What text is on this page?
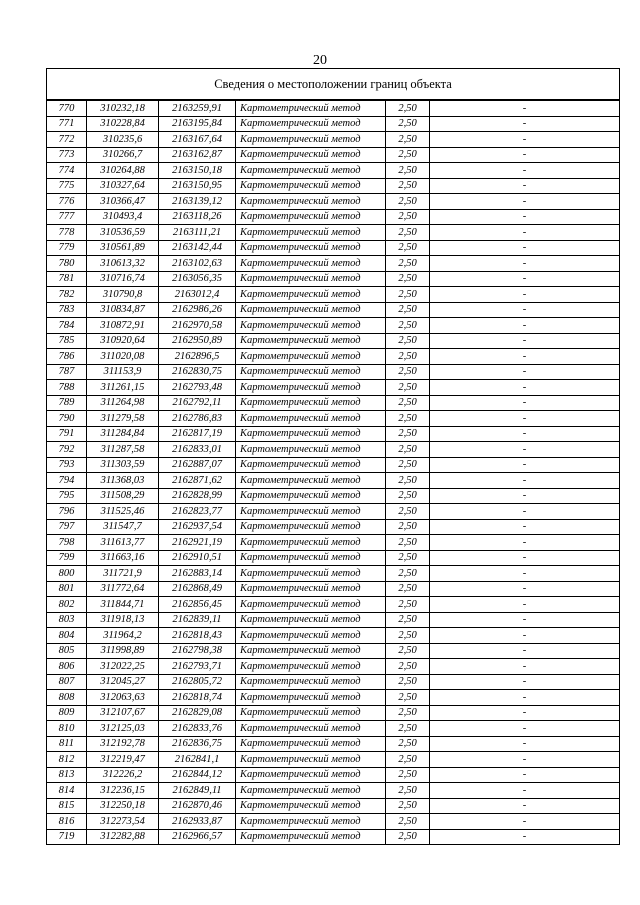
20
Сведения о местоположении границ объекта					
770	310232,18	2163259,91	Картометрический метод	2,50	-
771	310228,84	2163195,84	Картометрический метод	2,50	-
772	310235,6	2163167,64	Картометрический метод	2,50	-
773	310266,7	2163162,87	Картометрический метод	2,50	-
774	310264,88	2163150,18	Картометрический метод	2,50	-
775	310327,64	2163150,95	Картометрический метод	2,50	-
776	310366,47	2163139,12	Картометрический метод	2,50	-
777	310493,4	2163118,26	Картометрический метод	2,50	-
778	310536,59	2163111,21	Картометрический метод	2,50	-
779	310561,89	2163142,44	Картометрический метод	2,50	-
780	310613,32	2163102,63	Картометрический метод	2,50	-
781	310716,74	2163056,35	Картометрический метод	2,50	-
782	310790,8	2163012,4	Картометрический метод	2,50	-
783	310834,87	2162986,26	Картометрический метод	2,50	-
784	310872,91	2162970,58	Картометрический метод	2,50	-
785	310920,64	2162950,89	Картометрический метод	2,50	-
786	311020,08	2162896,5	Картометрический метод	2,50	-
787	311153,9	2162830,75	Картометрический метод	2,50	-
788	311261,15	2162793,48	Картометрический метод	2,50	-
789	311264,98	2162792,11	Картометрический метод	2,50	-
790	311279,58	2162786,83	Картометрический метод	2,50	-
791	311284,84	2162817,19	Картометрический метод	2,50	-
792	311287,58	2162833,01	Картометрический метод	2,50	-
793	311303,59	2162887,07	Картометрический метод	2,50	-
794	311368,03	2162871,62	Картометрический метод	2,50	-
795	311508,29	2162828,99	Картометрический метод	2,50	-
796	311525,46	2162823,77	Картометрический метод	2,50	-
797	311547,7	2162937,54	Картометрический метод	2,50	-
798	311613,77	2162921,19	Картометрический метод	2,50	-
799	311663,16	2162910,51	Картометрический метод	2,50	-
800	311721,9	2162883,14	Картометрический метод	2,50	-
801	311772,64	2162868,49	Картометрический метод	2,50	-
802	311844,71	2162856,45	Картометрический метод	2,50	-
803	311918,13	2162839,11	Картометрический метод	2,50	-
804	311964,2	2162818,43	Картометрический метод	2,50	-
805	311998,89	2162798,38	Картометрический метод	2,50	-
806	312022,25	2162793,71	Картометрический метод	2,50	-
807	312045,27	2162805,72	Картометрический метод	2,50	-
808	312063,63	2162818,74	Картометрический метод	2,50	-
809	312107,67	2162829,08	Картометрический метод	2,50	-
810	312125,03	2162833,76	Картометрический метод	2,50	-
811	312192,78	2162836,75	Картометрический метод	2,50	-
812	312219,47	2162841,1	Картометрический метод	2,50	-
813	312226,2	2162844,12	Картометрический метод	2,50	-
814	312236,15	2162849,11	Картометрический метод	2,50	-
815	312250,18	2162870,46	Картометрический метод	2,50	-
816	312273,54	2162933,87	Картометрический метод	2,50	-
719	312282,88	2162966,57	Картометрический метод	2,50	-
